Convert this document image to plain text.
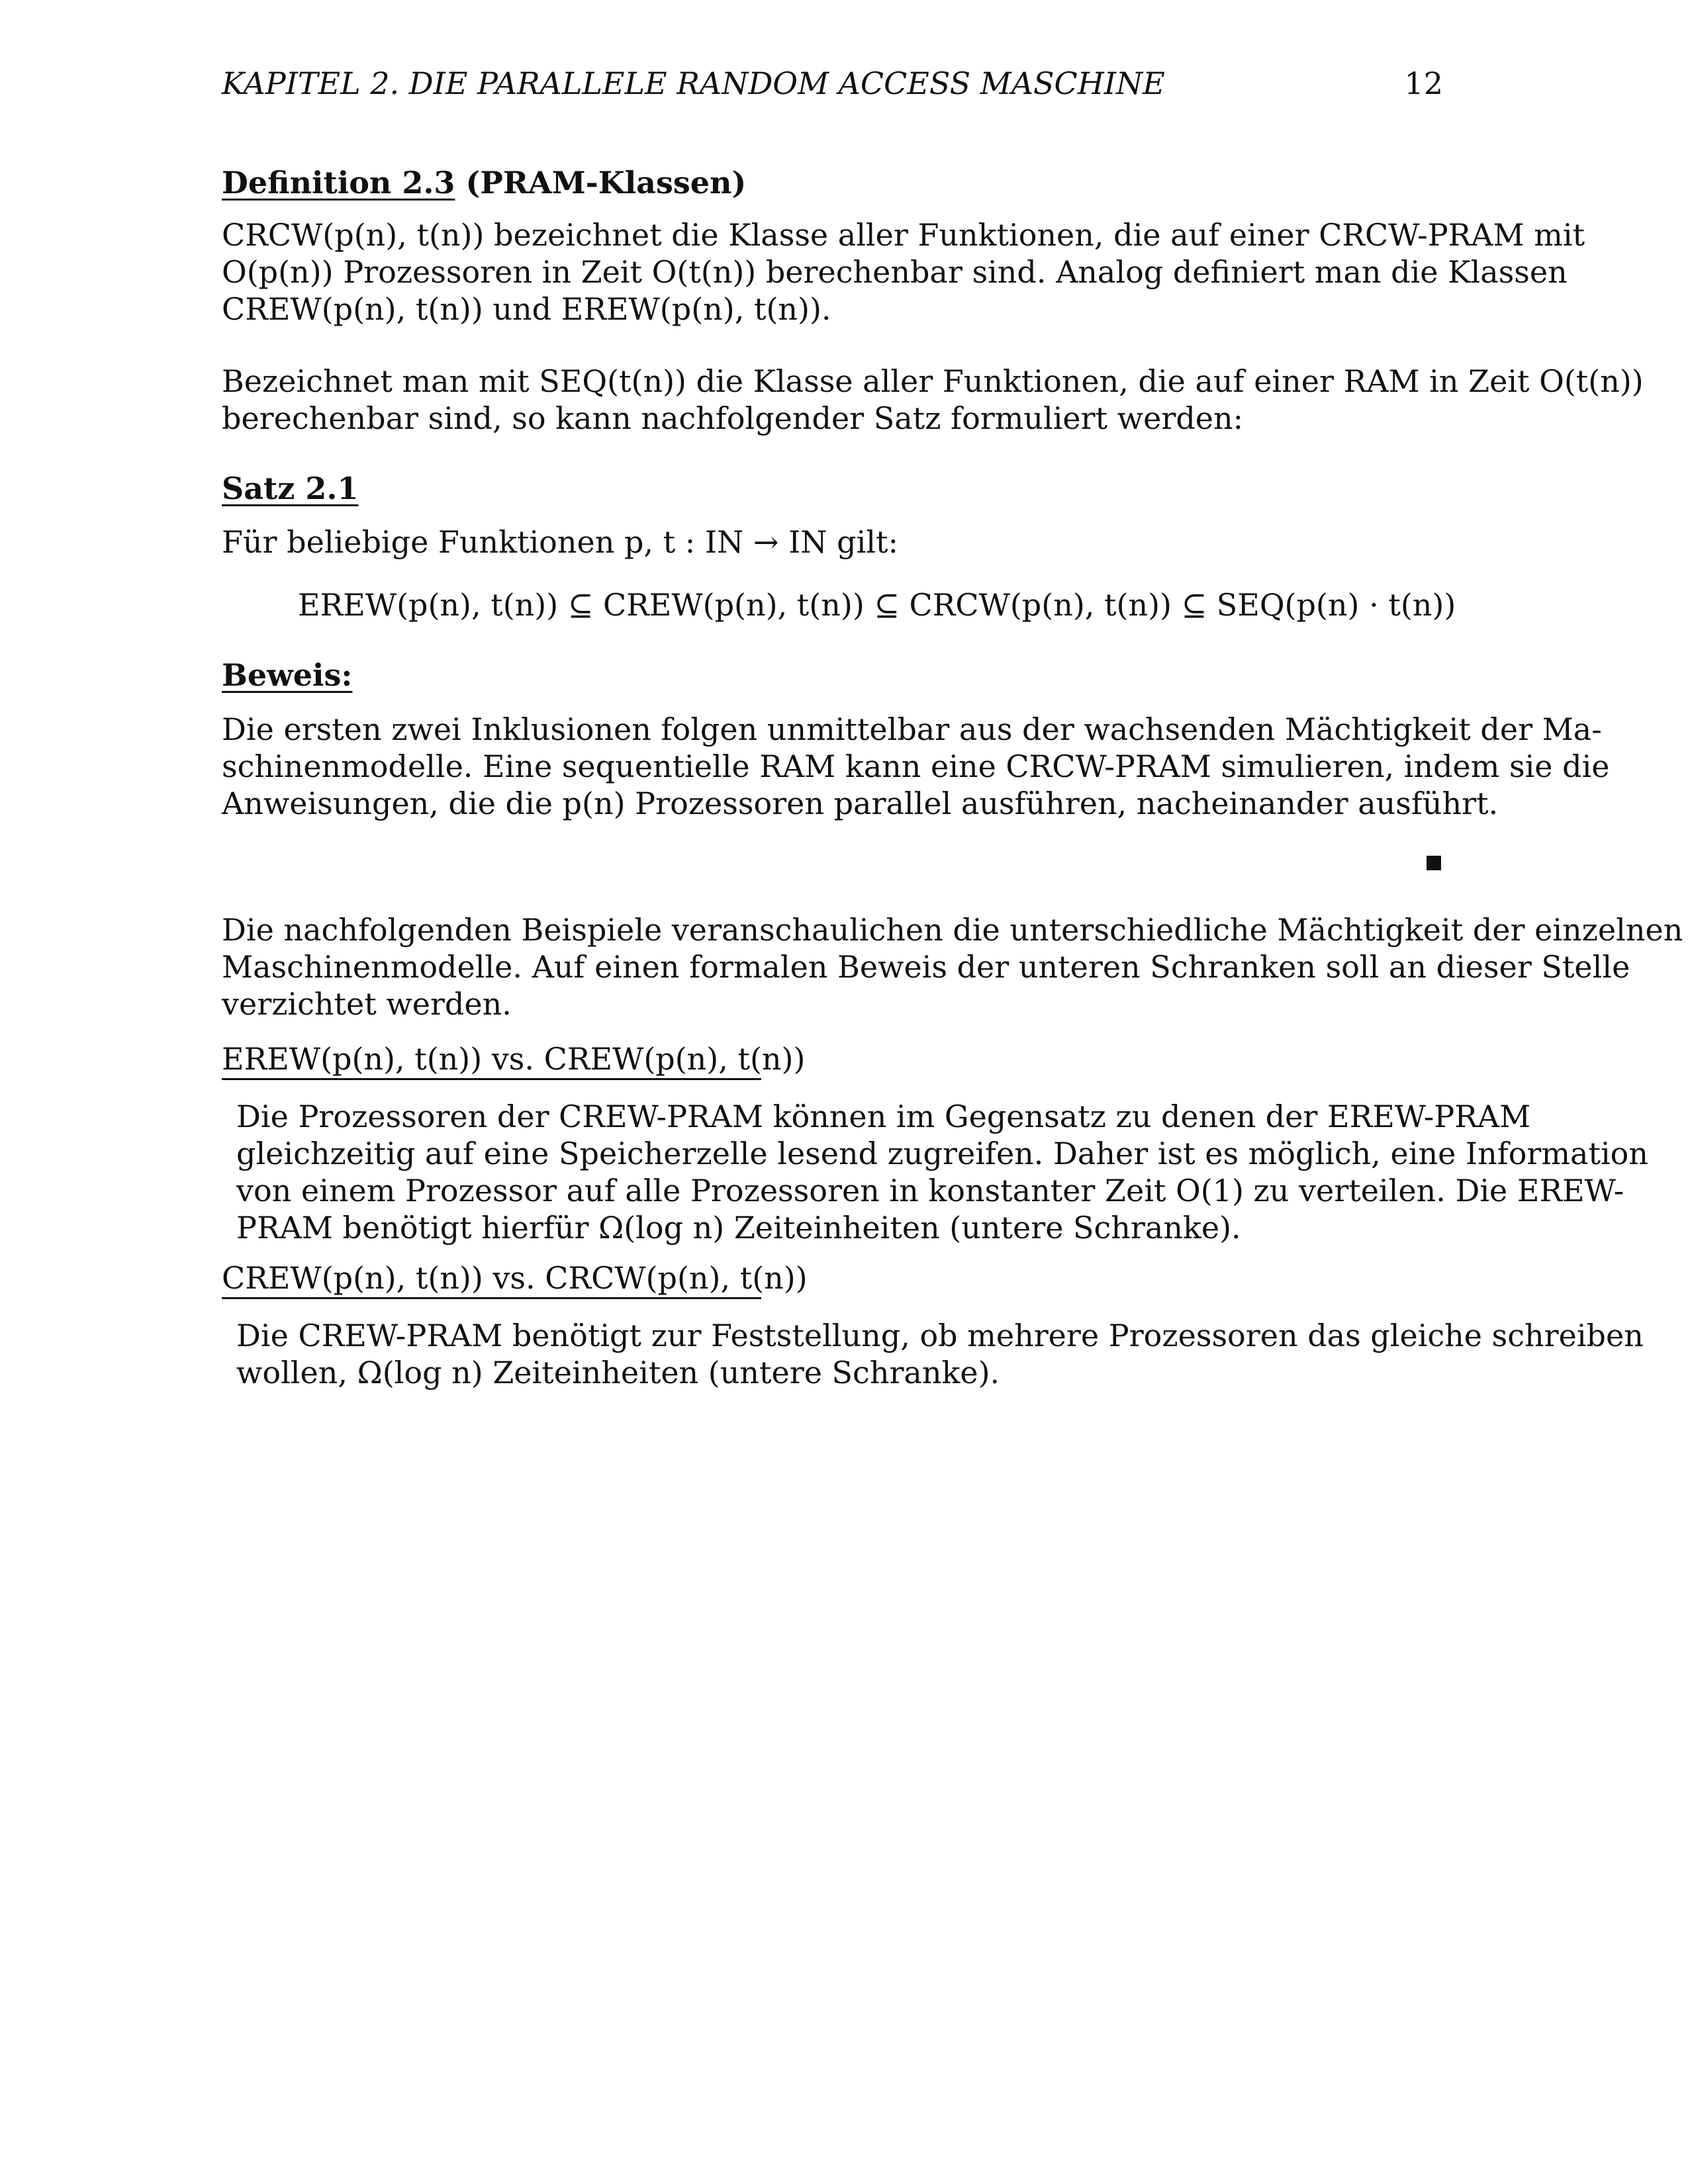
KAPITEL 2. DIE PARALLELE RANDOM ACCESS MASCHINE	12
Definition 2.3 (PRAM-Klassen)
CRCW(p(n), t(n)) bezeichnet die Klasse aller Funktionen, die auf einer CRCW-PRAM mit
O(p(n)) Prozessoren in Zeit O(t(n)) berechenbar sind. Analog definiert man die Klassen
CREW(p(n), t(n)) und EREW(p(n), t(n)).
Bezeichnet man mit SEQ(t(n)) die Klasse aller Funktionen, die auf einer RAM in Zeit O(t(n))
berechenbar sind, so kann nachfolgender Satz formuliert werden:
Satz 2.1
Für beliebige Funktionen p, t : IN → IN gilt:
EREW(p(n), t(n)) ⊆ CREW(p(n), t(n)) ⊆ CRCW(p(n), t(n)) ⊆ SEQ(p(n) · t(n))
Beweis:
Die ersten zwei Inklusionen folgen unmittelbar aus der wachsenden Mächtigkeit der Ma-
schinenmodelle. Eine sequentielle RAM kann eine CRCW-PRAM simulieren, indem sie die
Anweisungen, die die p(n) Prozessoren parallel ausführen, nacheinander ausführt.
Die nachfolgenden Beispiele veranschaulichen die unterschiedliche Mächtigkeit der einzelnen
Maschinenmodelle. Auf einen formalen Beweis der unteren Schranken soll an dieser Stelle
verzichtet werden.
EREW(p(n), t(n)) vs. CREW(p(n), t(n))
Die Prozessoren der CREW-PRAM können im Gegensatz zu denen der EREW-PRAM
gleichzeitig auf eine Speicherzelle lesend zugreifen. Daher ist es möglich, eine Information
von einem Prozessor auf alle Prozessoren in konstanter Zeit O(1) zu verteilen. Die EREW-
PRAM benötigt hierfür Ω(log n) Zeiteinheiten (untere Schranke).
CREW(p(n), t(n)) vs. CRCW(p(n), t(n))
Die CREW-PRAM benötigt zur Feststellung, ob mehrere Prozessoren das gleiche schreiben
wollen, Ω(log n) Zeiteinheiten (untere Schranke).
